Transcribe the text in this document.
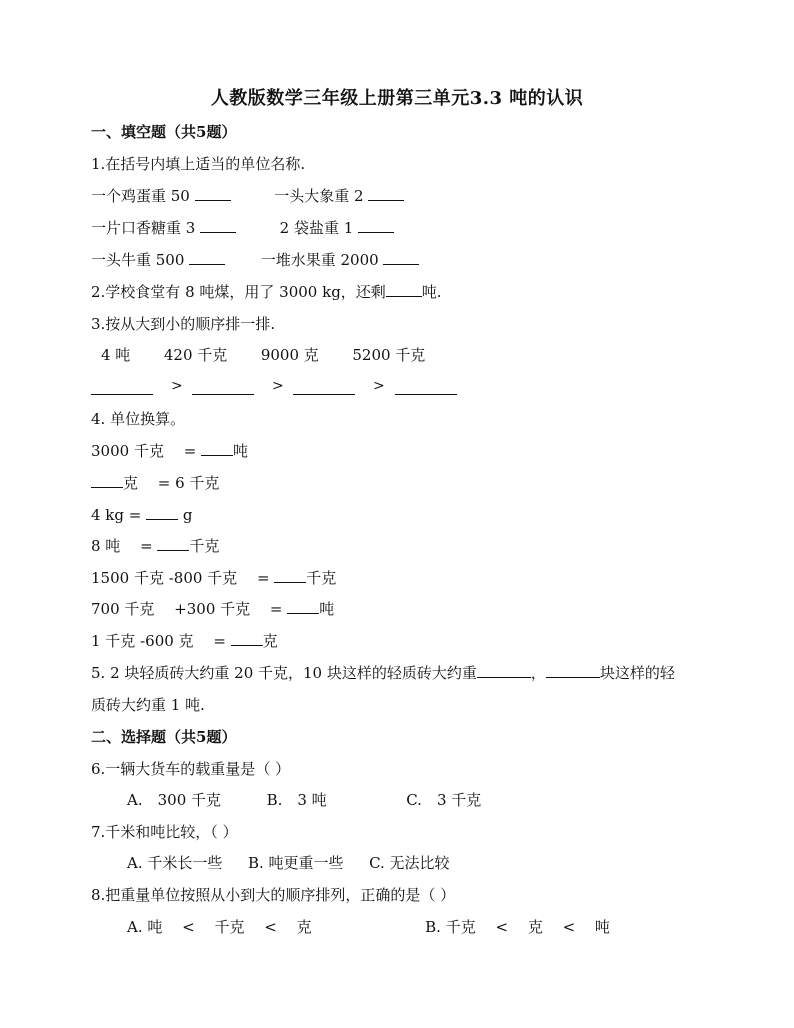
人教版数学三年级上册第三单元3.3 吨的认识
一、填空题（共5题）
1.在括号内填上适当的单位名称.
一个鸡蛋重 50	一头大象重 2
一片口香糖重 3	2 袋盐重 1
一头牛重 500	一堆水果重 2000
2.学校食堂有 8 吨煤，用了 3000 kg，还剩 吨.
3.按从大到小的顺序排一排.
4 吨 420 千克 9000 克 5200 千克
>	>	>
4. 单位换算。
3000 千克 　= 吨
克 　= 6 千克
4 kg =  g
8 吨 　= 千克
1500 千克 -800 千克 　= 千克
700 千克 　+300 千克 　= 吨
1 千克 -600 克 　= 克
5. 2 块轻质砖大约重 20 千克，10 块这样的轻质砖大约重	，	块这样的轻
质砖大约重 1 吨.
二、选择题（共5题）
6.一辆大货车的载重量是（ ）
A.　300 千克	B.　3 吨	C.　3 千克
7.千米和吨比较，（ ）
A. 千米长一些 B. 吨更重一些 C. 无法比较
8.把重量单位按照从小到大的顺序排列，正确的是（ ）
A. 吨 　< 　千克 　< 　克	B. 千克 　< 　克 　< 　吨
